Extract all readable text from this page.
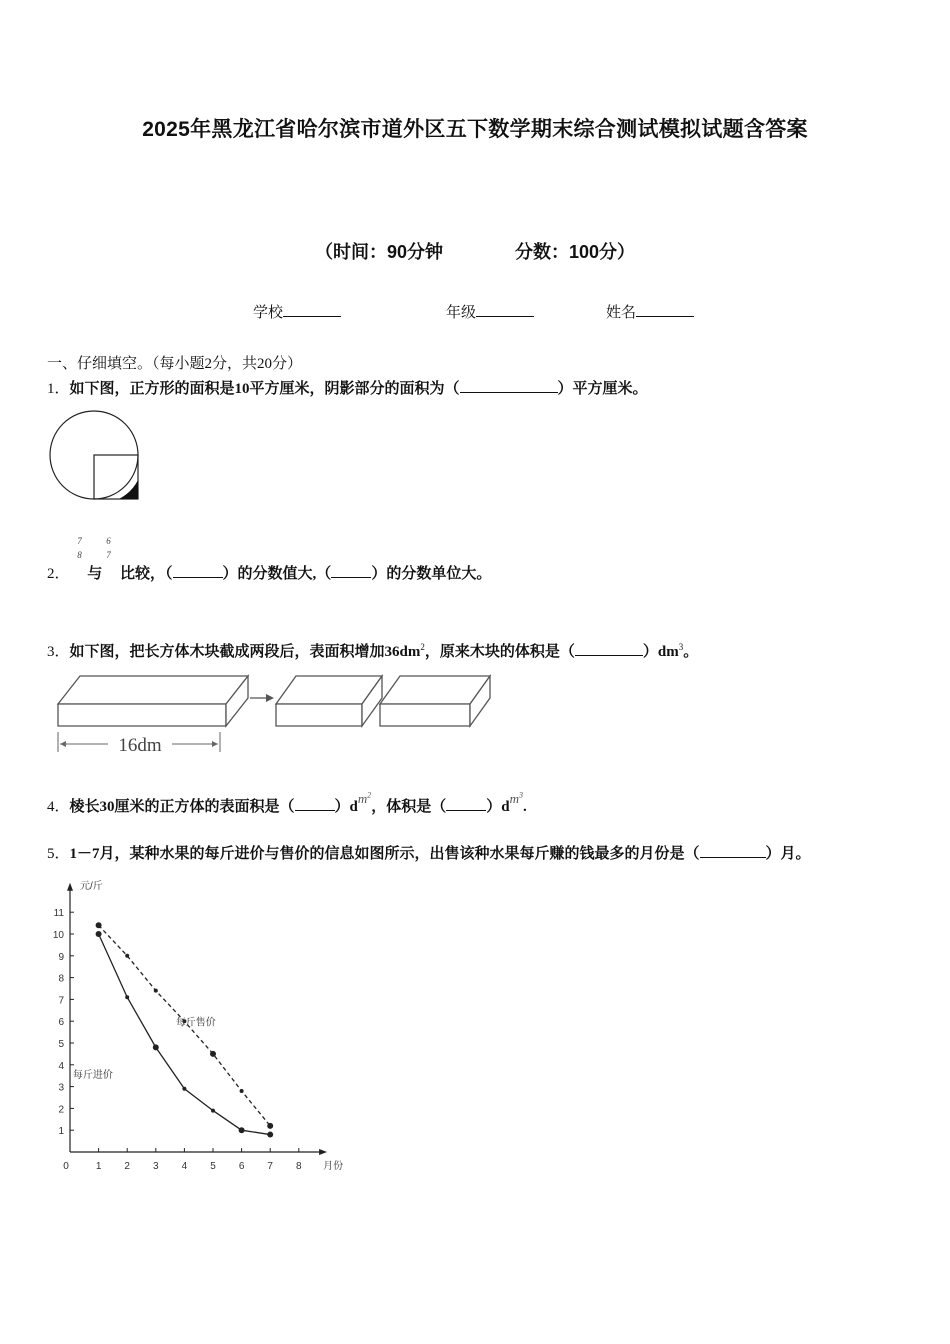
2025年黑龙江省哈尔滨市道外区五下数学期末综合测试模拟试题含答案
（时间：90分钟	分数：100分）
学校	年级	姓名
一、仔细填空。（每小题2分，共20分）
1．如下图，正方形的面积是10平方厘米，阴影部分的面积为（	）平方厘米。
2．
7
8
与
6
7
比较，（	）的分数值大,（	）的分数单位大。
3．如下图，把长方体木块截成两段后，表面积增加$36dm^2$，原来木块的体积是（	）$dm^3$。
16dm
4．棱长30厘米的正方体的表面积是（	）$dm^2$，体积是（	）$dm^3$.
5．1－7月，某种水果的每斤进价与售价的信息如图所示，出售该种水果每斤赚的钱最多的月份是（	）月。
元/斤
月份
0	1 2 3 4 5 6 7 8
1
2
3
4
5
6
7
8
9
10
11
每斤售价
每斤进价
